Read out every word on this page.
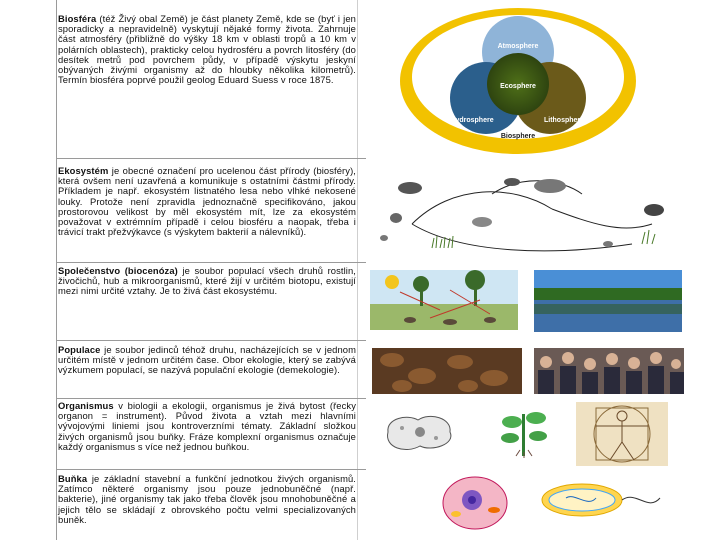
Biosféra (též Živý obal Země) je část planety Země, kde se (byť i jen sporadicky a nepravidelně) vyskytují nějaké formy života. Zahrnuje část atmosféry (přibližně do výšky 18 km v oblasti tropů a 10 km v polárních oblastech), prakticky celou hydrosféru a povrch litosféry (do desítek metrů pod povrchem půdy, v případě výskytu jeskyní obývaných živými organismy až do hloubky několika kilometrů). Termín biosféra poprvé použil geolog Eduard Suess v roce 1875.
Atmosphere
Ecosphere
Hydrosphere	Lithosphere
Biosphere
Ekosystém je obecné označení pro ucelenou část přírody (biosféry), která ovšem není uzavřená a komunikuje s ostatními částmi přírody. Příkladem je např. ekosystém listnatého lesa nebo vlhké nekosené louky. Protože není zpravidla jednoznačně specifikováno, jakou prostorovou velikost by měl ekosystém mít, lze za ekosystém považovat v extrémním případě i celou biosféru a naopak, třeba i trávicí trakt přežvýkavce (s výskytem bakterií a nálevníků).
Společenstvo (biocenóza) je soubor populací všech druhů rostlin, živočichů, hub a mikroorganismů, které žijí v určitém biotopu, existují mezi nimi určité vztahy. Je to živá část ekosystému.
Populace je soubor jedinců téhož druhu, nacházejících se v jednom určitém místě v jednom určitém čase. Obor ekologie, který se zabývá výzkumem populací, se nazývá populační ekologie (demekologie).
Organismus v biologii a ekologii, organismus je živá bytost (řecky organon = instrument). Původ života a vztah mezi hlavními vývojovými liniemi jsou kontroverzními tématy. Základní složkou živých organismů jsou buňky. Fráze komplexní organismus označuje každý organismus s více než jednou buňkou.
Buňka je základní stavební a funkční jednotkou živých organismů. Zatímco některé organismy jsou pouze jednobuněčné (např. bakterie), jiné organismy tak jako třeba člověk jsou mnohobuněčné a jejich tělo se skládají z obrovského počtu velmi specializovaných buněk.
